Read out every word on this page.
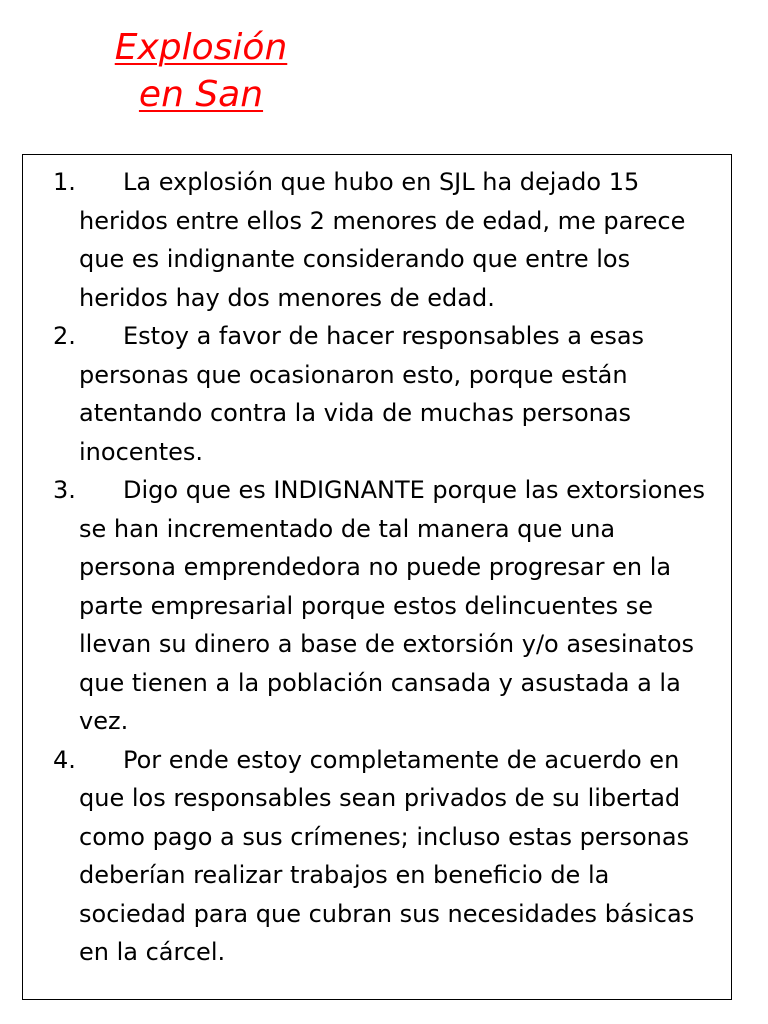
Explosión en San
1. La explosión que hubo en SJL ha dejado 15 heridos entre ellos 2 menores de edad, me parece que es indignante considerando que entre los heridos hay dos menores de edad.
2. Estoy a favor de hacer responsables a esas personas que ocasionaron esto, porque están atentando contra la vida de muchas personas inocentes.
3. Digo que es INDIGNANTE porque las extorsiones se han incrementado de tal manera que una persona emprendedora no puede progresar en la parte empresarial porque estos delincuentes se llevan su dinero a base de extorsión y/o asesinatos que tienen a la población cansada y asustada a la vez.
4. Por ende estoy completamente de acuerdo en que los responsables sean privados de su libertad como pago a sus crímenes; incluso estas personas deberían realizar trabajos en beneficio de la sociedad para que cubran sus necesidades básicas en la cárcel.
